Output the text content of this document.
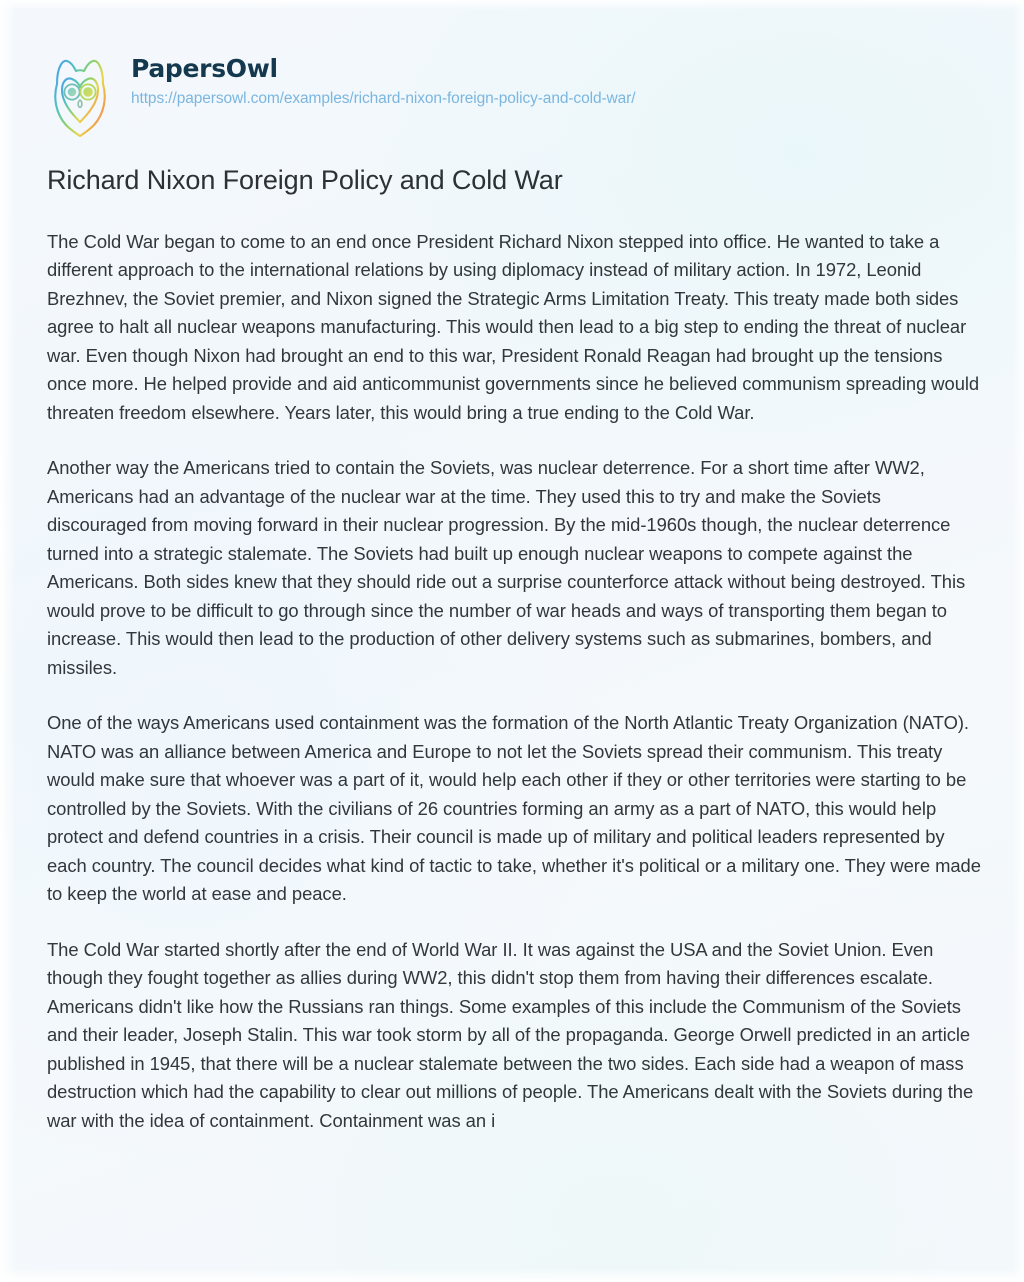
PapersOwl
https://papersowl.com/examples/richard-nixon-foreign-policy-and-cold-war/
Richard Nixon Foreign Policy and Cold War

The Cold War began to come to an end once President Richard Nixon stepped into office. He wanted to take a different approach to the international relations by using diplomacy instead of military action. In 1972, Leonid Brezhnev, the Soviet premier, and Nixon signed the Strategic Arms Limitation Treaty. This treaty made both sides agree to halt all nuclear weapons manufacturing. This would then lead to a big step to ending the threat of nuclear war. Even though Nixon had brought an end to this war, President Ronald Reagan had brought up the tensions once more. He helped provide and aid anticommunist governments since he believed communism spreading would threaten freedom elsewhere. Years later, this would bring a true ending to the Cold War.

Another way the Americans tried to contain the Soviets, was nuclear deterrence. For a short time after WW2, Americans had an advantage of the nuclear war at the time. They used this to try and make the Soviets discouraged from moving forward in their nuclear progression. By the mid-1960s though, the nuclear deterrence turned into a strategic stalemate. The Soviets had built up enough nuclear weapons to compete against the Americans. Both sides knew that they should ride out a surprise counterforce attack without being destroyed. This would prove to be difficult to go through since the number of war heads and ways of transporting them began to increase. This would then lead to the production of other delivery systems such as submarines, bombers, and missiles.

One of the ways Americans used containment was the formation of the North Atlantic Treaty Organization (NATO). NATO was an alliance between America and Europe to not let the Soviets spread their communism. This treaty would make sure that whoever was a part of it, would help each other if they or other territories were starting to be controlled by the Soviets. With the civilians of 26 countries forming an army as a part of NATO, this would help protect and defend countries in a crisis. Their council is made up of military and political leaders represented by each country. The council decides what kind of tactic to take, whether it's political or a military one. They were made to keep the world at ease and peace.

The Cold War started shortly after the end of World War II. It was against the USA and the Soviet Union. Even though they fought together as allies during WW2, this didn't stop them from having their differences escalate. Americans didn't like how the Russians ran things. Some examples of this include the Communism of the Soviets and their leader, Joseph Stalin. This war took storm by all of the propaganda. George Orwell predicted in an article published in 1945, that there will be a nuclear stalemate between the two sides. Each side had a weapon of mass destruction which had the capability to clear out millions of people. The Americans dealt with the Soviets during the war with the idea of containment. Containment was an i
